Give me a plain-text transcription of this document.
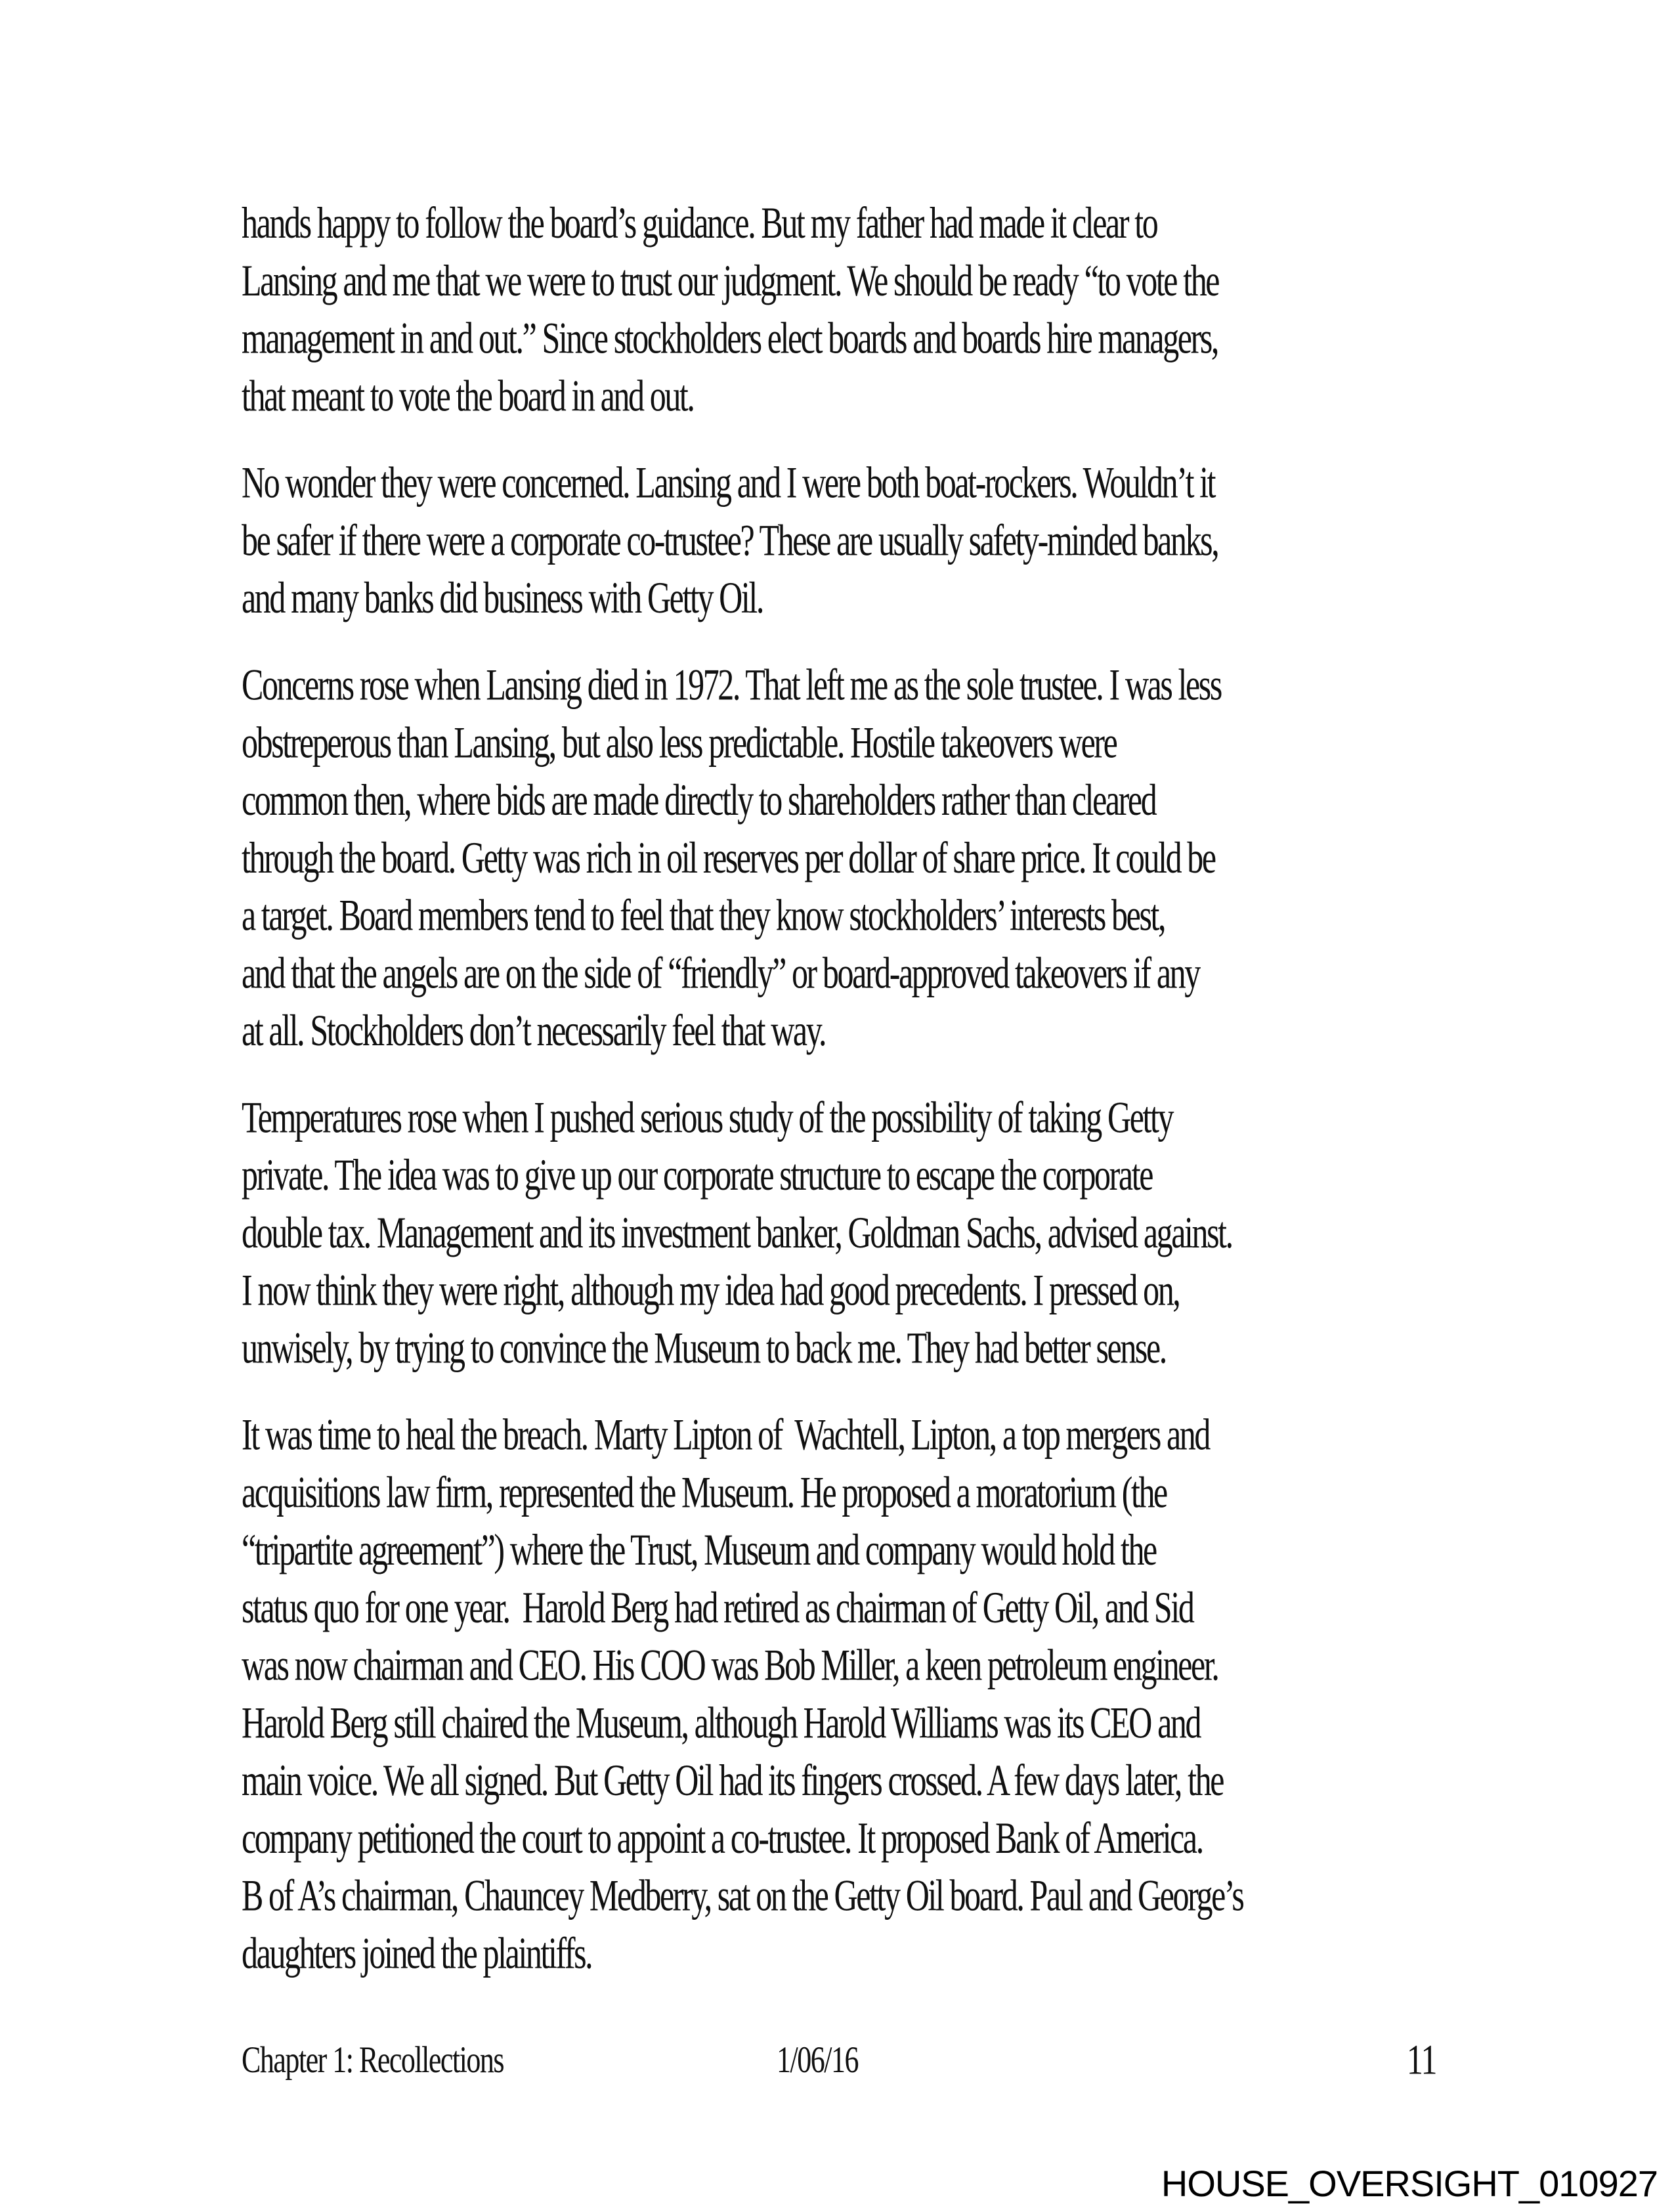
hands happy to follow the board’s guidance. But my father had made it clear to
Lansing and me that we were to trust our judgment. We should be ready “to vote the
management in and out.” Since stockholders elect boards and boards hire managers,
that meant to vote the board in and out.
No wonder they were concerned. Lansing and I were both boat-rockers. Wouldn’t it
be safer if there were a corporate co-trustee? These are usually safety-minded banks,
and many banks did business with Getty Oil.
Concerns rose when Lansing died in 1972. That left me as the sole trustee. I was less
obstreperous than Lansing, but also less predictable. Hostile takeovers were
common then, where bids are made directly to shareholders rather than cleared
through the board. Getty was rich in oil reserves per dollar of share price. It could be
a target. Board members tend to feel that they know stockholders’ interests best,
and that the angels are on the side of “friendly” or board-approved takeovers if any
at all. Stockholders don’t necessarily feel that way.
Temperatures rose when I pushed serious study of the possibility of taking Getty
private. The idea was to give up our corporate structure to escape the corporate
double tax. Management and its investment banker, Goldman Sachs, advised against.
I now think they were right, although my idea had good precedents. I pressed on,
unwisely, by trying to convince the Museum to back me. They had better sense.
It was time to heal the breach. Marty Lipton of  Wachtell, Lipton, a top mergers and
acquisitions law firm, represented the Museum. He proposed a moratorium (the
“tripartite agreement”) where the Trust, Museum and company would hold the
status quo for one year.  Harold Berg had retired as chairman of Getty Oil, and Sid
was now chairman and CEO. His COO was Bob Miller, a keen petroleum engineer.
Harold Berg still chaired the Museum, although Harold Williams was its CEO and
main voice. We all signed. But Getty Oil had its fingers crossed. A few days later, the
company petitioned the court to appoint a co-trustee. It proposed Bank of America.
B of A’s chairman, Chauncey Medberry, sat on the Getty Oil board. Paul and George’s
daughters joined the plaintiffs.
Chapter 1: Recollections	1/06/16	11
HOUSE_OVERSIGHT_010927
